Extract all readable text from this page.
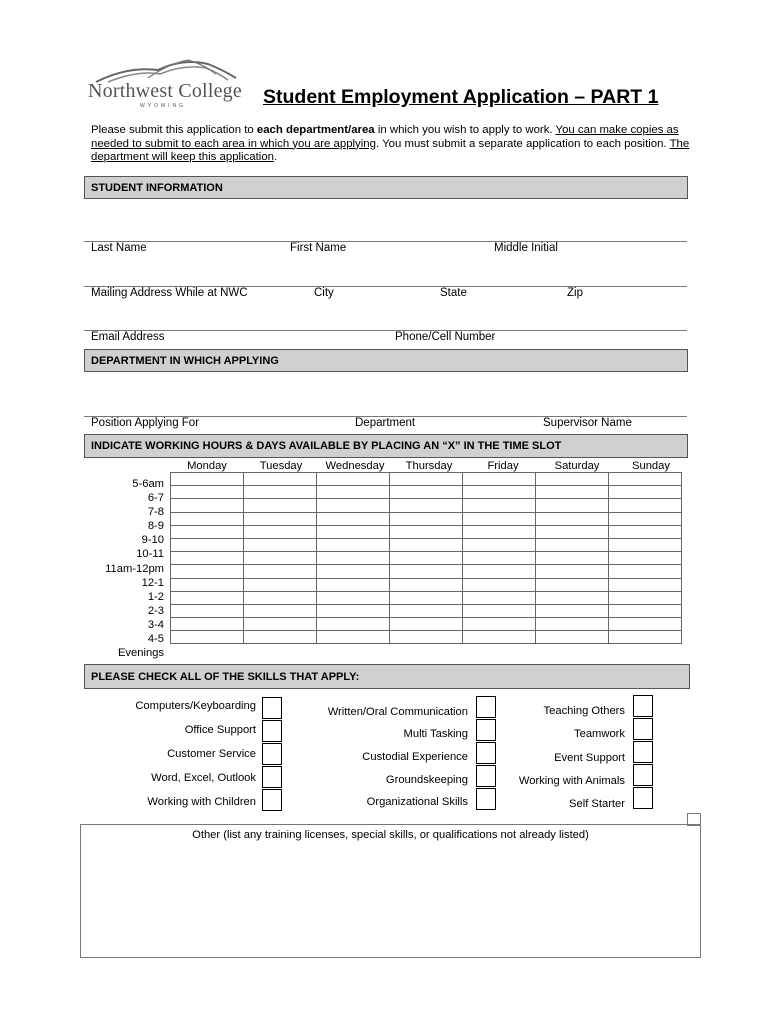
Northwest College
WYOMING	Student Employment Application – PART 1
Please submit this application to each department/area in which you wish to apply to work. You can make copies as needed to submit to each area in which you are applying. You must submit a separate application to each position. The department will keep this application.
STUDENT INFORMATION
Last Name	First Name	Middle Initial
Mailing Address While at NWC	City	State	Zip
Email Address	Phone/Cell Number
DEPARTMENT IN WHICH APPLYING
Position Applying For	Department	Supervisor Name
INDICATE WORKING HOURS & DAYS AVAILABLE BY PLACING AN “X” IN THE TIME SLOT
Monday	Tuesday	Wednesday	Thursday	Friday	Saturday	Sunday
5-6am
6-7
7-8
8-9
9-10
10-11
11am-12pm
12-1
1-2
2-3
3-4
4-5
Evenings

PLEASE CHECK ALL OF THE SKILLS THAT APPLY:
Computers/Keyboarding
Office Support
Customer Service
Word, Excel, Outlook
Working with Children
Written/Oral Communication
Multi Tasking
Custodial Experience
Groundskeeping
Organizational Skills
Teaching Others
Teamwork
Event Support
Working with Animals
Self Starter
Other (list any training licenses, special skills, or qualifications not already listed)
